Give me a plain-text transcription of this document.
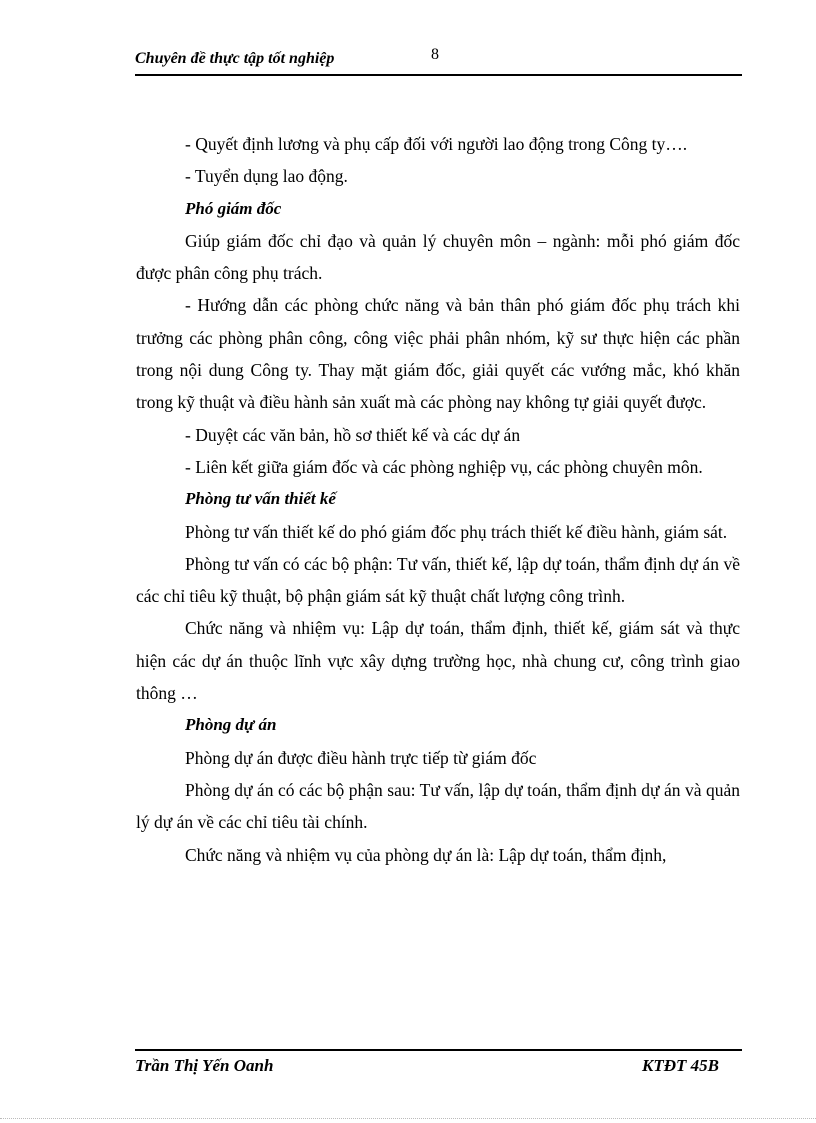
Chuyên đề thực tập tốt nghiệp	8

- Quyết định lương và phụ cấp đối với người lao động trong Công ty….

- Tuyển dụng lao động.

Phó giám đốc

Giúp giám đốc chỉ đạo và quản lý chuyên môn – ngành: mỗi phó giám đốc được phân công phụ trách.

- Hướng dẫn các phòng chức năng và bản thân phó giám đốc phụ trách khi trưởng các phòng phân công, công việc phải phân nhóm, kỹ sư thực hiện các phần trong nội dung Công ty. Thay mặt giám đốc, giải quyết các vướng mắc, khó khăn trong kỹ thuật và điều hành sản xuất mà các phòng nay không tự giải quyết được.

- Duyệt các văn bản, hồ sơ thiết kế và các dự án

- Liên kết giữa giám đốc và các phòng nghiệp vụ, các phòng chuyên môn.

Phòng tư vấn thiết kế

Phòng tư vấn thiết kế do phó giám đốc phụ trách thiết kế điều hành, giám sát.

Phòng tư vấn có các bộ phận: Tư vấn, thiết kế, lập dự toán, thẩm định dự án về các chỉ tiêu kỹ thuật, bộ phận giám sát kỹ thuật chất lượng công trình.

Chức năng và nhiệm vụ: Lập dự toán, thẩm định, thiết kế, giám sát và thực hiện các dự án thuộc lĩnh vực xây dựng trường học, nhà chung cư, công trình giao thông …

Phòng dự án

Phòng dự án được điều hành trực tiếp từ giám đốc

Phòng dự án có các bộ phận sau: Tư vấn, lập dự toán, thẩm định dự án và quản lý dự án về các chỉ tiêu tài chính.

Chức năng và nhiệm vụ của phòng dự án là: Lập dự toán, thẩm định,

Trần Thị Yến Oanh	KTĐT 45B
